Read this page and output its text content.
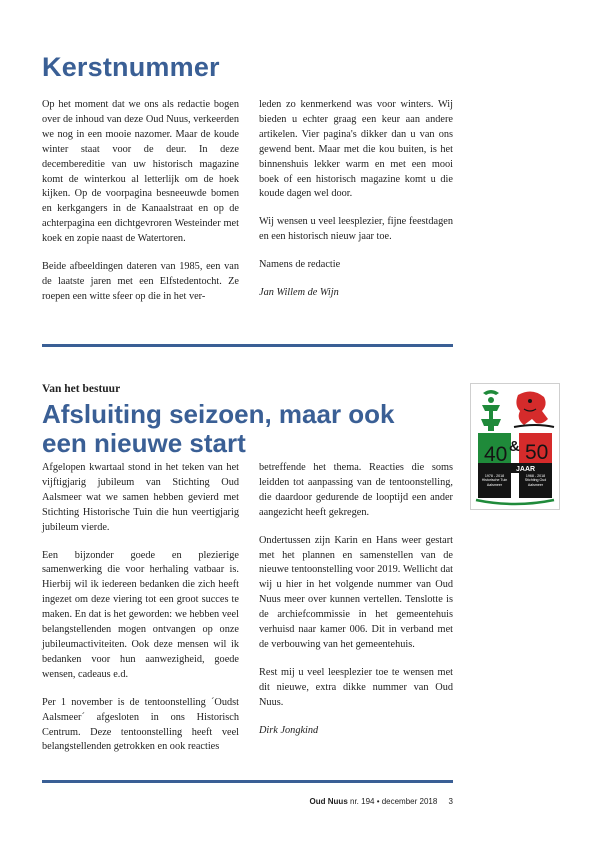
Kerstnummer

Op het moment dat we ons als redactie bogen over de inhoud van deze Oud Nuus, verkeerden we nog in een mooie nazomer. Maar de koude winter staat voor de deur. In deze decembereditie van uw historisch magazine komt de winterkou al letterlijk om de hoek kijken. Op de voorpagina besneeuwde bomen en kerkgangers in de Kanaalstraat en op de achterpagina een dichtgevroren Westeinder met koek en zopie naast de Watertoren.

Beide afbeeldingen dateren van 1985, een van de laatste jaren met een Elfstedentocht. Ze roepen een witte sfeer op die in het ver-

leden zo kenmerkend was voor winters. Wij bieden u echter graag een keur aan andere artikelen. Vier pagina's dikker dan u van ons gewend bent. Maar met die kou buiten, is het binnenshuis lekker warm en met een mooi boek of een historisch magazine komt u die koude dagen wel door.

Wij wensen u veel leesplezier, fijne feestdagen en een historisch nieuw jaar toe.

Namens de redactie

Jan Willem de Wijn

Van het bestuur
Afsluiting seizoen, maar ook een nieuwe start

Afgelopen kwartaal stond in het teken van het vijftigjarig jubileum van Stichting Oud Aalsmeer wat we samen hebben gevierd met Stichting Historische Tuin die hun veertigjarig jubileum vierde.

Een bijzonder goede en plezierige samenwerking die voor herhaling vatbaar is. Hierbij wil ik iedereen bedanken die zich heeft ingezet om deze viering tot een groot succes te maken. En dat is het geworden: we hebben veel belangstellenden mogen ontvangen op onze jubileumactiviteiten. Ook deze mensen wil ik bedanken voor hun aanwezigheid, goede wensen, cadeaus e.d.

Per 1 november is de tentoonstelling ´Oudst Aalsmeer´ afgesloten in ons Historisch Centrum. Deze tentoonstelling heeft veel belangstellenden getrokken en ook reacties

betreffende het thema. Reacties die soms leidden tot aanpassing van de tentoonstelling, die daardoor gedurende de looptijd een ander aangezicht heeft gekregen.

Ondertussen zijn Karin en Hans weer gestart met het plannen en samenstellen van de nieuwe tentoonstelling voor 2019. Wellicht dat wij u hier in het volgende nummer van Oud Nuus meer over kunnen vertellen. Tenslotte is de archiefcommissie in het gemeentehuis verhuisd naar kamer 006. Dit in verband met de verbouwing van het gemeentehuis.

Rest mij u veel leesplezier toe te wensen met dit nieuwe, extra dikke nummer van Oud Nuus.

Dirk Jongkind

40 & 50
JAAR
1978 - 2018 Historische Tuin Aalsmeer
1968 - 2018 Stichting Oud Aalsmeer
Oud Nuus nr. 194 • december 2018 3
